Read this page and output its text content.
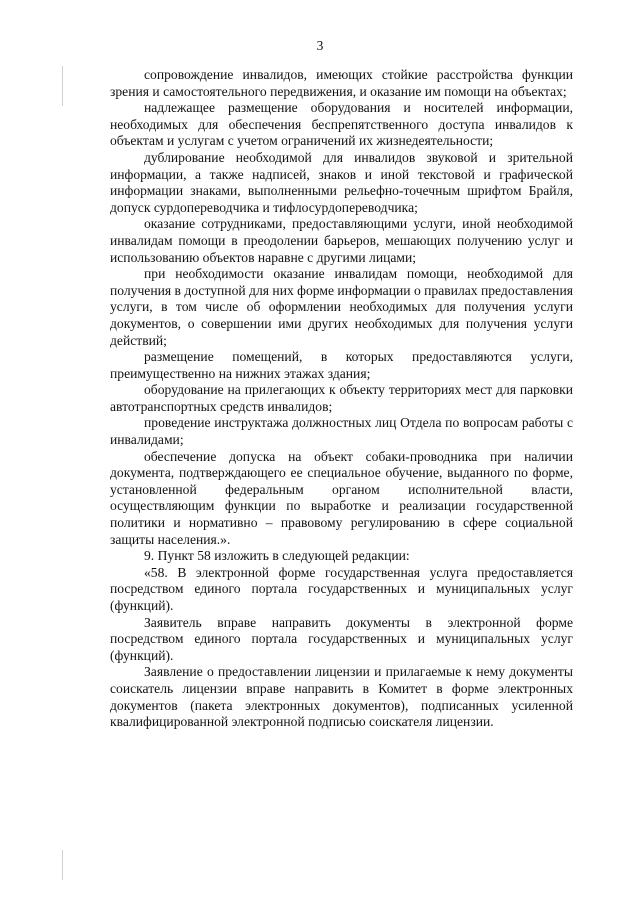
3

сопровождение инвалидов, имеющих стойкие расстройства функции зрения и самостоятельного передвижения, и оказание им помощи на объектах;

надлежащее размещение оборудования и носителей информации, необходимых для обеспечения беспрепятственного доступа инвалидов к объектам и услугам с учетом ограничений их жизнедеятельности;

дублирование необходимой для инвалидов звуковой и зрительной информации, а также надписей, знаков и иной текстовой и графической информации знаками, выполненными рельефно-точечным шрифтом Брайля, допуск сурдопереводчика и тифлосурдопереводчика;

оказание сотрудниками, предоставляющими услуги, иной необходимой инвалидам помощи в преодолении барьеров, мешающих получению услуг и использованию объектов наравне с другими лицами;

при необходимости оказание инвалидам помощи, необходимой для получения в доступной для них форме информации о правилах предоставления услуги, в том числе об оформлении необходимых для получения услуги документов, о совершении ими других необходимых для получения услуги действий;

размещение помещений, в которых предоставляются услуги, преимущественно на нижних этажах здания;

оборудование на прилегающих к объекту территориях мест для парковки автотранспортных средств инвалидов;

проведение инструктажа должностных лиц Отдела по вопросам работы с инвалидами;

обеспечение допуска на объект собаки-проводника при наличии документа, подтверждающего ее специальное обучение, выданного по форме, установленной федеральным органом исполнительной власти, осуществляющим функции по выработке и реализации государственной политики и нормативно – правовому регулированию в сфере социальной защиты населения.».

9. Пункт 58 изложить в следующей редакции:

«58. В электронной форме государственная услуга предоставляется посредством единого портала государственных и муниципальных услуг (функций).

Заявитель вправе направить документы в электронной форме посредством единого портала государственных и муниципальных услуг (функций).

Заявление о предоставлении лицензии и прилагаемые к нему документы соискатель лицензии вправе направить в Комитет в форме электронных документов (пакета электронных документов), подписанных усиленной квалифицированной электронной подписью соискателя лицензии.
